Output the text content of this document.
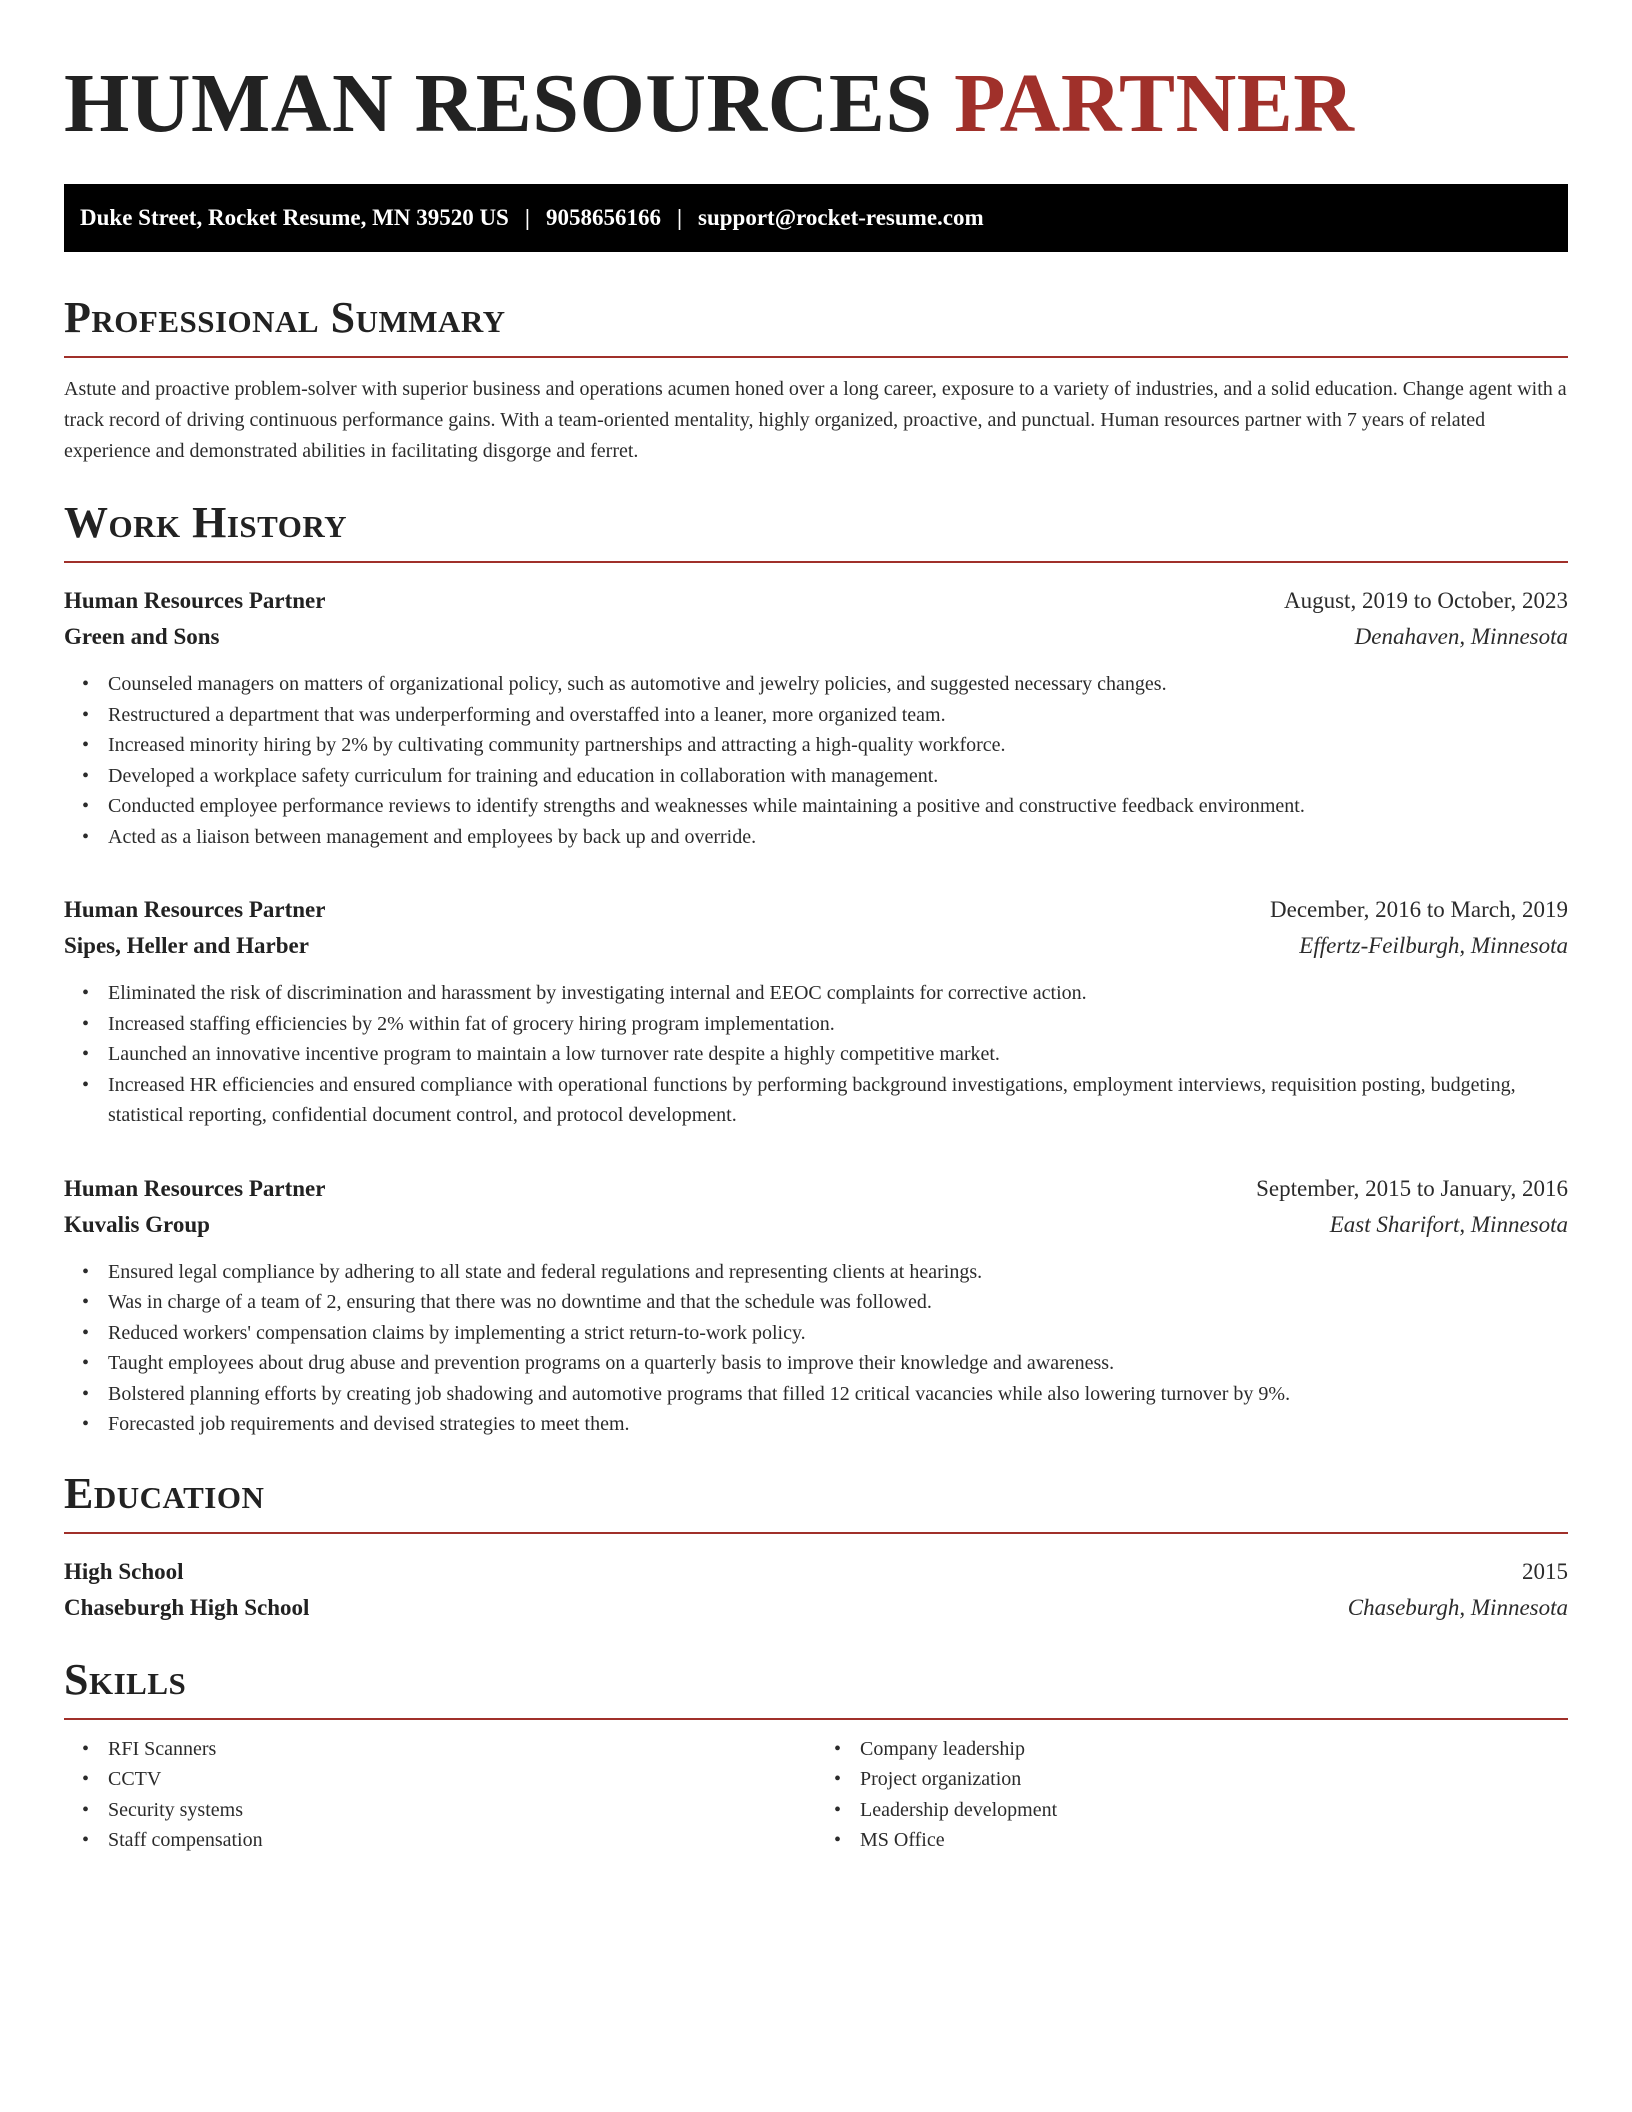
HUMAN RESOURCES PARTNER
Duke Street, Rocket Resume, MN 39520 US | 9058656166 | support@rocket-resume.com
Professional Summary

Astute and proactive problem-solver with superior business and operations acumen honed over a long career, exposure to a variety of industries, and a solid education. Change agent with a track record of driving continuous performance gains. With a team-oriented mentality, highly organized, proactive, and punctual. Human resources partner with 7 years of related experience and demonstrated abilities in facilitating disgorge and ferret.

Work History
Human Resources Partner	August, 2019 to October, 2023
Green and Sons	Denahaven, Minnesota
• Counseled managers on matters of organizational policy, such as automotive and jewelry policies, and suggested necessary changes.
• Restructured a department that was underperforming and overstaffed into a leaner, more organized team.
• Increased minority hiring by 2% by cultivating community partnerships and attracting a high-quality workforce.
• Developed a workplace safety curriculum for training and education in collaboration with management.
• Conducted employee performance reviews to identify strengths and weaknesses while maintaining a positive and constructive feedback environment.
• Acted as a liaison between management and employees by back up and override.
Human Resources Partner	December, 2016 to March, 2019
Sipes, Heller and Harber	Effertz-Feilburgh, Minnesota
• Eliminated the risk of discrimination and harassment by investigating internal and EEOC complaints for corrective action.
• Increased staffing efficiencies by 2% within fat of grocery hiring program implementation.
• Launched an innovative incentive program to maintain a low turnover rate despite a highly competitive market.
• Increased HR efficiencies and ensured compliance with operational functions by performing background investigations, employment interviews, requisition posting, budgeting, statistical reporting, confidential document control, and protocol development.
Human Resources Partner	September, 2015 to January, 2016
Kuvalis Group	East Sharifort, Minnesota
• Ensured legal compliance by adhering to all state and federal regulations and representing clients at hearings.
• Was in charge of a team of 2, ensuring that there was no downtime and that the schedule was followed.
• Reduced workers' compensation claims by implementing a strict return-to-work policy.
• Taught employees about drug abuse and prevention programs on a quarterly basis to improve their knowledge and awareness.
• Bolstered planning efforts by creating job shadowing and automotive programs that filled 12 critical vacancies while also lowering turnover by 9%.
• Forecasted job requirements and devised strategies to meet them.
Education
High School	2015
Chaseburgh High School	Chaseburgh, Minnesota
Skills
• RFI Scanners
• CCTV
• Security systems
• Staff compensation
• Company leadership
• Project organization
• Leadership development
• MS Office
